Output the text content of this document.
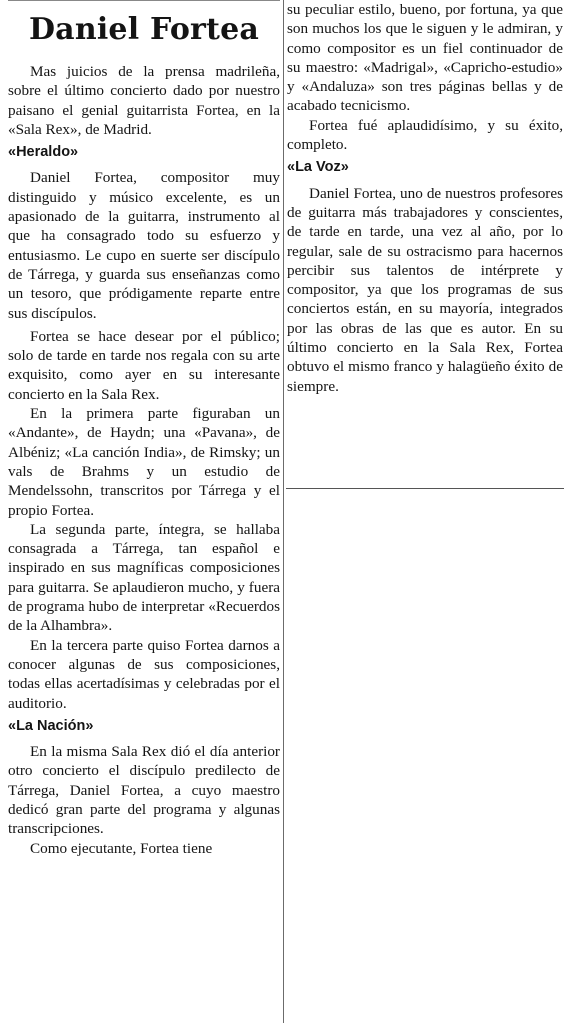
Daniel Fortea

Mas juicios de la prensa madrileña, sobre el último concierto dado por nuestro paisano el genial guitarrista Fortea, en la «Sala Rex», de Madrid.

«Heraldo»

Daniel Fortea, compositor muy distinguido y músico excelente, es un apasionado de la guitarra, instrumento al que ha consagrado todo su esfuerzo y entusiasmo. Le cupo en suerte ser discípulo de Tárrega, y guarda sus enseñanzas como un tesoro, que pródigamente reparte entre sus discípulos.

Fortea se hace desear por el público; solo de tarde en tarde nos regala con su arte exquisito, como ayer en su interesante concierto en la Sala Rex.

En la primera parte figuraban un «Andante», de Haydn; una «Pavana», de Albéniz; «La canción India», de Rimsky; un vals de Brahms y un estudio de Mendelssohn, transcritos por Tárrega y el propio Fortea.

La segunda parte, íntegra, se hallaba consagrada a Tárrega, tan español e inspirado en sus magníficas composiciones para guitarra. Se aplaudieron mucho, y fuera de programa hubo de interpretar «Recuerdos de la Alhambra».

En la tercera parte quiso Fortea darnos a conocer algunas de sus composiciones, todas ellas acertadísimas y celebradas por el auditorio.

«La Nación»

En la misma Sala Rex dió el día anterior otro concierto el discípulo predilecto de Tárrega, Daniel Fortea, a cuyo maestro dedicó gran parte del programa y algunas transcripciones.

Como ejecutante, Fortea tiene

su peculiar estilo, bueno, por fortuna, ya que son muchos los que le siguen y le admiran, y como compositor es un fiel continuador de su maestro: «Madrigal», «Capricho-estudio» y «Andaluza» son tres páginas bellas y de acabado tecnicismo.

Fortea fué aplaudidísimo, y su éxito, completo.

«La Voz»

Daniel Fortea, uno de nuestros profesores de guitarra más trabajadores y conscientes, de tarde en tarde, una vez al año, por lo regular, sale de su ostracismo para hacernos percibir sus talentos de intérprete y compositor, ya que los programas de sus conciertos están, en su mayoría, integrados por las obras de las que es autor. En su último concierto en la Sala Rex, Fortea obtuvo el mismo franco y halagüeño éxito de siempre.
